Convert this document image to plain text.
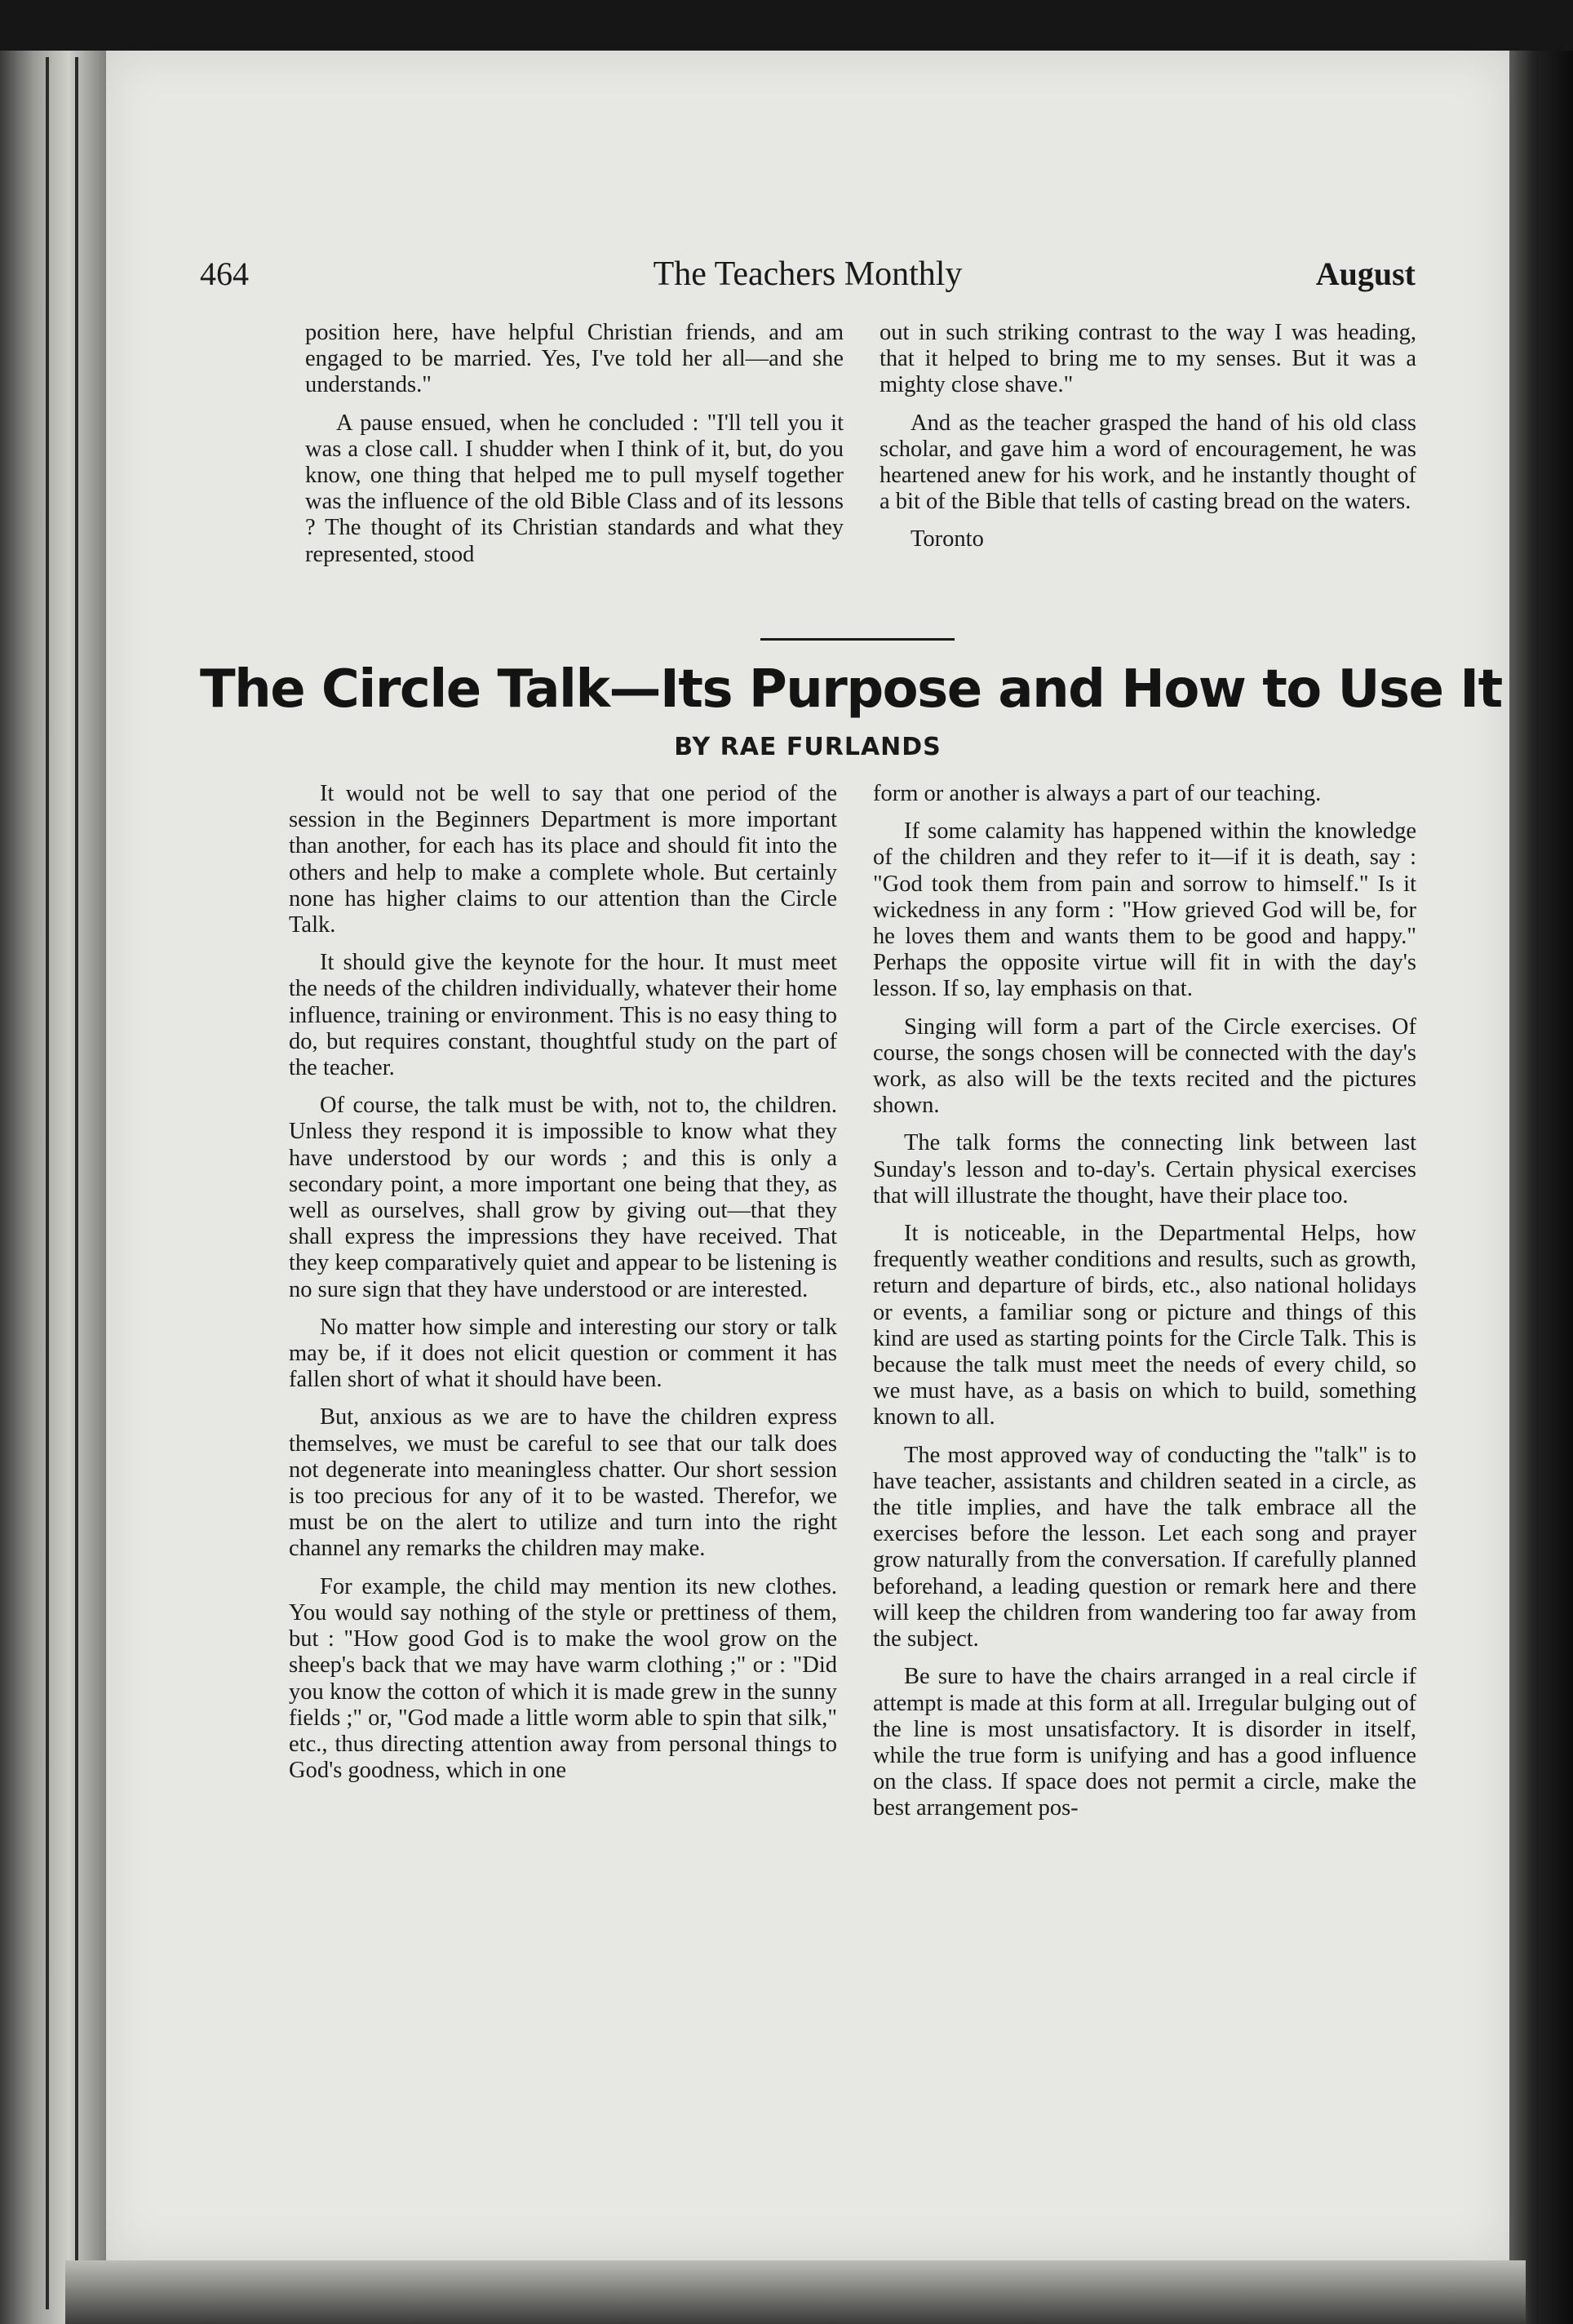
464	The Teachers Monthly	August

position here, have helpful Christian friends, and am engaged to be married. Yes, I've told her all—and she understands."

A pause ensued, when he concluded : "I'll tell you it was a close call. I shudder when I think of it, but, do you know, one thing that helped me to pull myself together was the influence of the old Bible Class and of its lessons ? The thought of its Christian standards and what they represented, stood

out in such striking contrast to the way I was heading, that it helped to bring me to my senses. But it was a mighty close shave."

And as the teacher grasped the hand of his old class scholar, and gave him a word of encouragement, he was heartened anew for his work, and he instantly thought of a bit of the Bible that tells of casting bread on the waters.

Toronto

The Circle Talk—Its Purpose and How to Use It
BY RAE FURLANDS

It would not be well to say that one period of the session in the Beginners Department is more important than another, for each has its place and should fit into the others and help to make a complete whole. But certainly none has higher claims to our attention than the Circle Talk.

It should give the keynote for the hour. It must meet the needs of the children individually, whatever their home influence, training or environment. This is no easy thing to do, but requires constant, thoughtful study on the part of the teacher.

Of course, the talk must be with, not to, the children. Unless they respond it is impossible to know what they have understood by our words ; and this is only a secondary point, a more important one being that they, as well as ourselves, shall grow by giving out—that they shall express the impressions they have received. That they keep comparatively quiet and appear to be listening is no sure sign that they have understood or are interested.

No matter how simple and interesting our story or talk may be, if it does not elicit question or comment it has fallen short of what it should have been.

But, anxious as we are to have the children express themselves, we must be careful to see that our talk does not degenerate into meaningless chatter. Our short session is too precious for any of it to be wasted. Therefor, we must be on the alert to utilize and turn into the right channel any remarks the children may make.

For example, the child may mention its new clothes. You would say nothing of the style or prettiness of them, but : "How good God is to make the wool grow on the sheep's back that we may have warm clothing ;" or : "Did you know the cotton of which it is made grew in the sunny fields ;" or, "God made a little worm able to spin that silk," etc., thus directing attention away from personal things to God's goodness, which in one

form or another is always a part of our teaching.

If some calamity has happened within the knowledge of the children and they refer to it—if it is death, say : "God took them from pain and sorrow to himself." Is it wickedness in any form : "How grieved God will be, for he loves them and wants them to be good and happy." Perhaps the opposite virtue will fit in with the day's lesson. If so, lay emphasis on that.

Singing will form a part of the Circle exercises. Of course, the songs chosen will be connected with the day's work, as also will be the texts recited and the pictures shown.

The talk forms the connecting link between last Sunday's lesson and to-day's. Certain physical exercises that will illustrate the thought, have their place too.

It is noticeable, in the Departmental Helps, how frequently weather conditions and results, such as growth, return and departure of birds, etc., also national holidays or events, a familiar song or picture and things of this kind are used as starting points for the Circle Talk. This is because the talk must meet the needs of every child, so we must have, as a basis on which to build, something known to all.

The most approved way of conducting the "talk" is to have teacher, assistants and children seated in a circle, as the title implies, and have the talk embrace all the exercises before the lesson. Let each song and prayer grow naturally from the conversation. If carefully planned beforehand, a leading question or remark here and there will keep the children from wandering too far away from the subject.

Be sure to have the chairs arranged in a real circle if attempt is made at this form at all. Irregular bulging out of the line is most unsatisfactory. It is disorder in itself, while the true form is unifying and has a good influence on the class. If space does not permit a circle, make the best arrangement pos-
